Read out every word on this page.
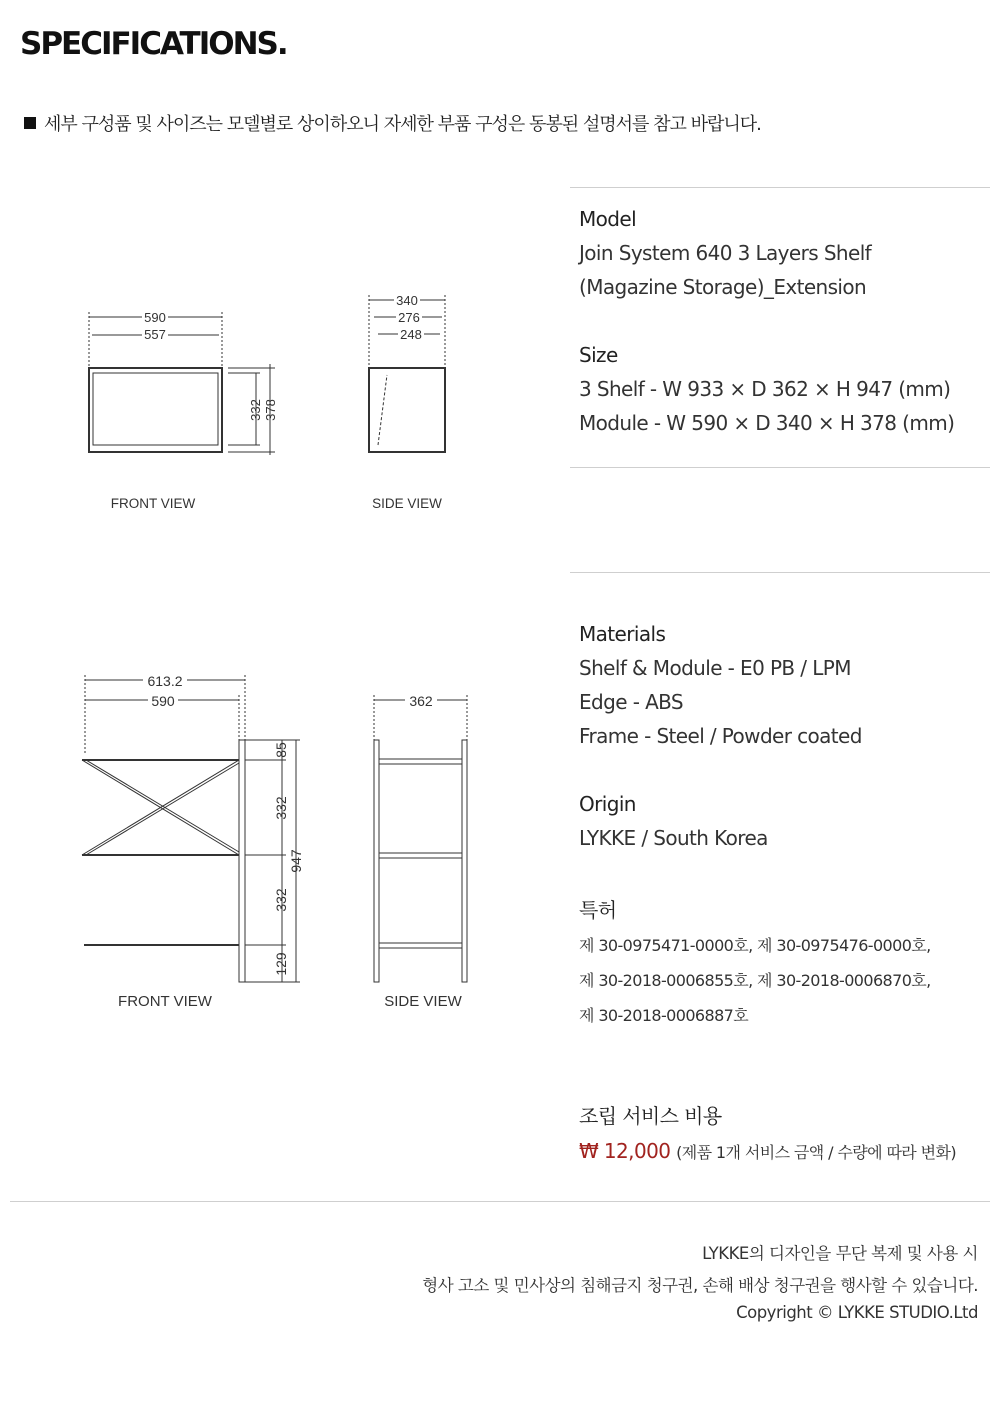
SPECIFICATIONS.
세부 구성품 및 사이즈는 모델별로 상이하오니 자세한 부품 구성은 동봉된 설명서를 참고 바랍니다.
590
557
332 378
340
276
248
FRONT VIEW	SIDE VIEW
613.2
590
85
332
332
129
947
362
FRONT VIEW	SIDE VIEW
Model
Join System 640 3 Layers Shelf
(Magazine Storage)_Extension
Size
3 Shelf - W 933 × D 362 × H 947 (mm)
Module - W 590 × D 340 × H 378 (mm)
Materials
Shelf & Module - E0 PB / LPM
Edge - ABS
Frame - Steel / Powder coated
Origin
LYKKE / South Korea
특허
제 30-0975471-0000호, 제 30-0975476-0000호,
제 30-2018-0006855호, 제 30-2018-0006870호,
제 30-2018-0006887호
조립 서비스 비용
₩ 12,000 (제품 1개 서비스 금액 / 수량에 따라 변화)
LYKKE의 디자인을 무단 복제 및 사용 시
형사 고소 및 민사상의 침해금지 청구권, 손해 배상 청구권을 행사할 수 있습니다.
Copyright © LYKKE STUDIO.Ltd
